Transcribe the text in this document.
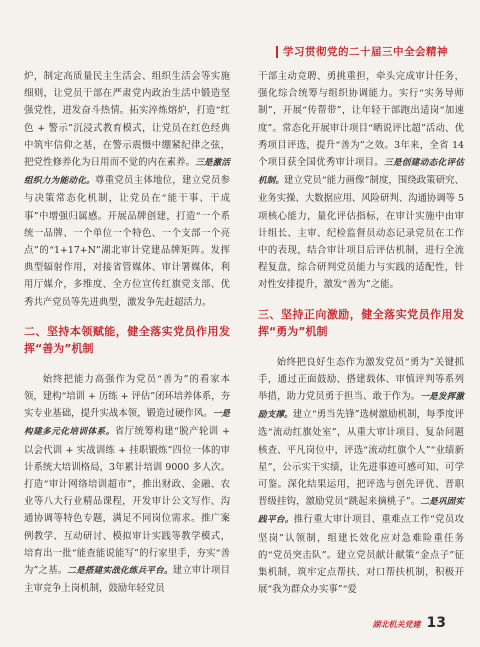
学习贯彻党的二十届三中全会精神

炉，制定高质量民主生活会、组织生活会等实施细则，让党员干部在严肃党内政治生活中锻造坚强党性，进发奋斗热情。拓实淬炼熔炉，打造“红色 + 警示”沉浸式教育模式，让党员在红色经典中筑牢信仰之基，在警示震慑中绷紧纪律之弦，把党性修养化为日用而不觉的内在素养。三是激活组织力为能动化。尊重党员主体地位，建立党员参与决策常态化机制，让党员在“能干事、干成事”中增强归属感。开展品牌创建，打造“一个系统一品牌、一个单位一个特色、一个支部一个亮点”的“1+17+N”湖北审计党建品牌矩阵。发挥典型辐射作用，对接省管媒体、审计署媒体，利用厅媒介，多维度、全方位宣传红旗党支部、优秀共产党员等先进典型，激发争先赶超活力。

二、坚持本领赋能，健全落实党员作用发挥“善为”机制

始终把能力高强作为党员“善为”的看家本领，建构“培训 + 历练 + 评估”闭环培养体系，夯实专业基础，提升实战本领，锻造过硬作风。一是构建多元化培训体系。省厅统筹构建“脱产轮训 + 以会代训 + 实战训练 + 挂职锻炼”四位一体的审计系统大培训格局，3年累计培训 9000 多人次。打造“审计网络培训超市”，推出财政、金融、农业等八大行业精品课程，开发审计公文写作、沟通协调等特色专题，满足不同岗位需求。推广案例教学、互动研讨、模拟审计实践等教学模式，培育出一批“能查能说能写”的行家里手，夯实“善为”之基。二是搭建实战化练兵平台。建立审计项目主审竞争上岗机制，鼓励年轻党员

干部主动竞聘、勇挑重担，牵头完成审计任务，强化综合统筹与组织协调能力。实行“实务导师制”，开展“传帮带”，让年轻干部跑出适岗“加速度”。常态化开展审计项目“晒说评比超”活动、优秀项目评选，提升“善为”之效。3年来，全省 14 个项目获全国优秀审计项目。三是创建动态化评估机制。建立党员“能力画像”制度，围绕政策研究、业务实操、大数据应用、风险研判、沟通协调等 5 项核心能力，量化评估指标，在审计实施中由审计组长、主审、纪检监督员动态记录党员在工作中的表现，结合审计项目后评估机制，进行全流程复盘，综合研判党员能力与实践的适配性，针对性安排提升，激发“善为”之能。

三、坚持正向激励，健全落实党员作用发挥“勇为”机制

始终把良好生态作为激发党员“勇为”关键抓手，通过正面鼓励、搭建载体、审慎评判等系列举措，助力党员勇于担当、敢于作为。一是发挥激励支撑。建立“勇当先锋”选树激励机制，每季度评选“流动红旗处室”，从重大审计项目、复杂问题核查、平凡岗位中，评选“流动红旗个人”“业绩新星”，公示实干实绩，让先进事迹可感可知、可学可鉴。深化结果运用，把评选与创先评优、晋职晋级挂钩，激励党员“跳起来摘桃子”。二是巩固实践平台。推行重大审计项目、重难点工作“党员攻坚岗”认领制，组建长效化应对急难险重任务的“党员突击队”。建立党员献计献策“金点子”征集机制，筑牢定点帮扶、对口帮扶机制，积极开展“我为群众办实事”“爱

湖北机关党建 13
